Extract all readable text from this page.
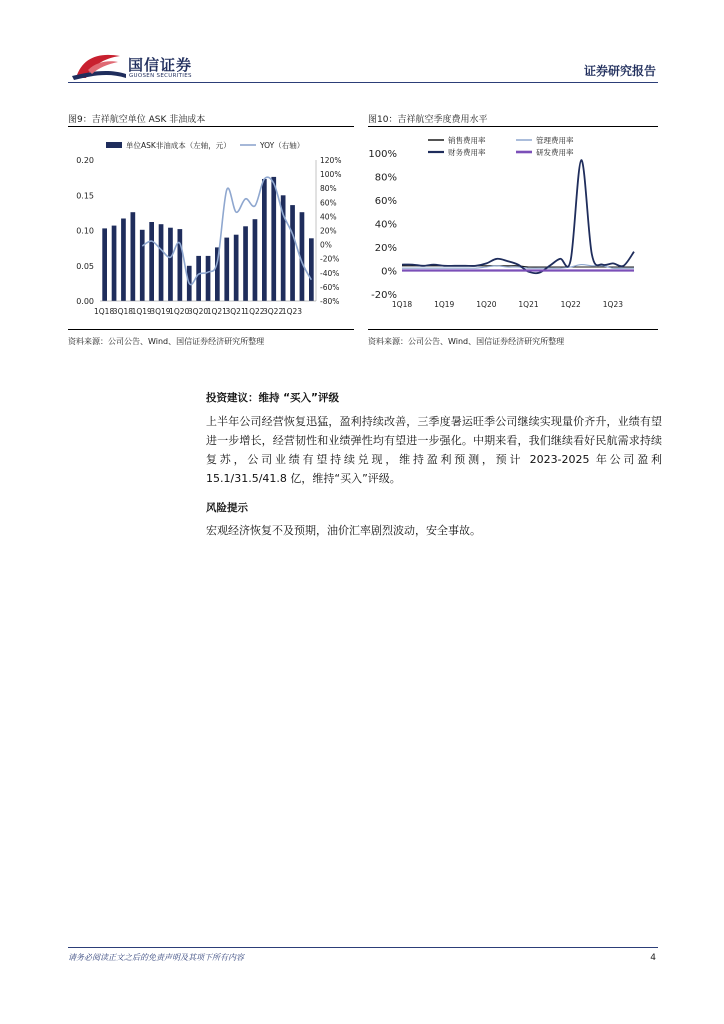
国信证券
GUOSEN SECURITIES	证券研究报告
图9：吉祥航空单位 ASK 非油成本	图10：吉祥航空季度费用水平
单位ASK非油成本（左轴，元）	YOY（右轴）
0.00
0.05
0.10
0.15
0.20	120%
100%
80%
60%
40%
20%
0%
-20%
-40%
-60%
-80%
1Q18
3Q18
1Q19
3Q19
1Q20
3Q20
1Q21
3Q21
1Q22
3Q22
1Q23
销售费用率	管理费用率
财务费用率	研发费用率
100%
80%
60%
40%
20%
0%
-20%
1Q18	1Q19	1Q20	1Q21	1Q22	1Q23
资料来源：公司公告、Wind、国信证券经济研究所整理	资料来源：公司公告、Wind、国信证券经济研究所整理
投资建议：维持 “买入”评级
上半年公司经营恢复迅猛，盈利持续改善，三季度暑运旺季公司继续实现量价齐升，业绩有望进一步增长，经营韧性和业绩弹性均有望进一步强化。中期来看，我们继续看好民航需求持续复苏，公司业绩有望持续兑现，维持盈利预测，预计 2023-2025 年公司盈利 15.1/31.5/41.8 亿，维持“买入”评级。
风险提示
宏观经济恢复不及预期，油价汇率剧烈波动，安全事故。
请务必阅读正文之后的免责声明及其项下所有内容	4
